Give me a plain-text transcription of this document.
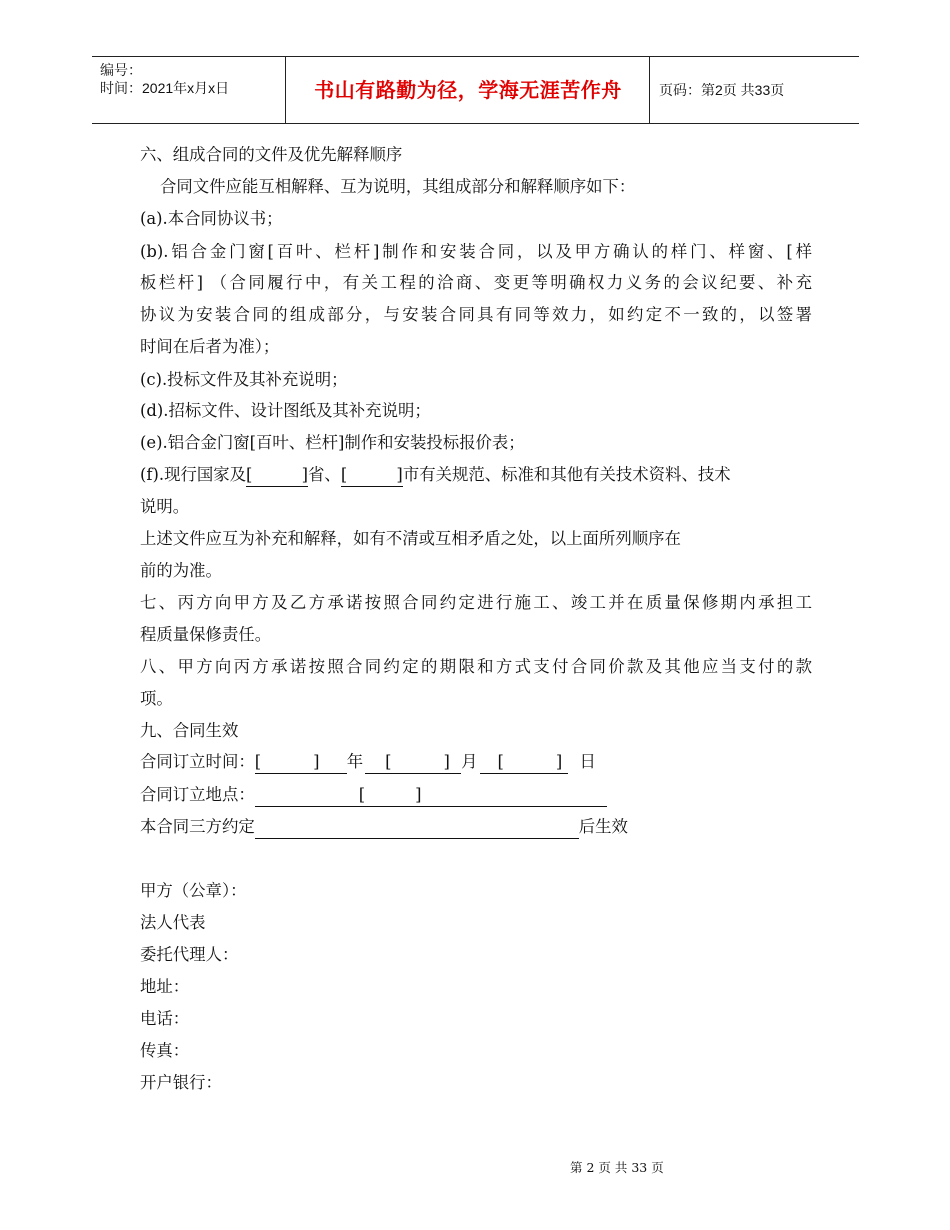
编号：
时间：2021年x月x日	书山有路勤为径，学海无涯苦作舟	页码：第2页 共33页
六、组成合同的文件及优先解释顺序
合同文件应能互相解释、互为说明，其组成部分和解释顺序如下：
(a).本合同协议书；
(b).铝合金门窗[百叶、栏杆]制作和安装合同，以及甲方确认的样门、样窗、[样
板栏杆] （合同履行中，有关工程的洽商、变更等明确权力义务的会议纪要、补充
协议为安装合同的组成部分，与安装合同具有同等效力，如约定不一致的，以签署
时间在后者为准）；
(c).投标文件及其补充说明；
(d).招标文件、设计图纸及其补充说明；
(e).铝合金门窗[百叶、栏杆]制作和安装投标报价表；
(f).现行国家及[	] 省、[	] 市有关规范、标准和其他有关技术资料、技术
说明。
上述文件应互为补充和解释，如有不清或互相矛盾之处，以上面所列顺序在
前的为准。
七、丙方向甲方及乙方承诺按照合同约定进行施工、竣工并在质量保修期内承担工
程质量保修责任。
八、甲方向丙方承诺按照合同约定的期限和方式支付合同价款及其他应当支付的款
项。
九、合同生效
合同订立时间：[	] 年 [	] 月 [	] 日
合同订立地点：	[	]
本合同三方约定	后生效
甲方（公章）：
法人代表
委托代理人：
地址：
电话：
传真：
开户银行：
第 2 页 共 33 页
